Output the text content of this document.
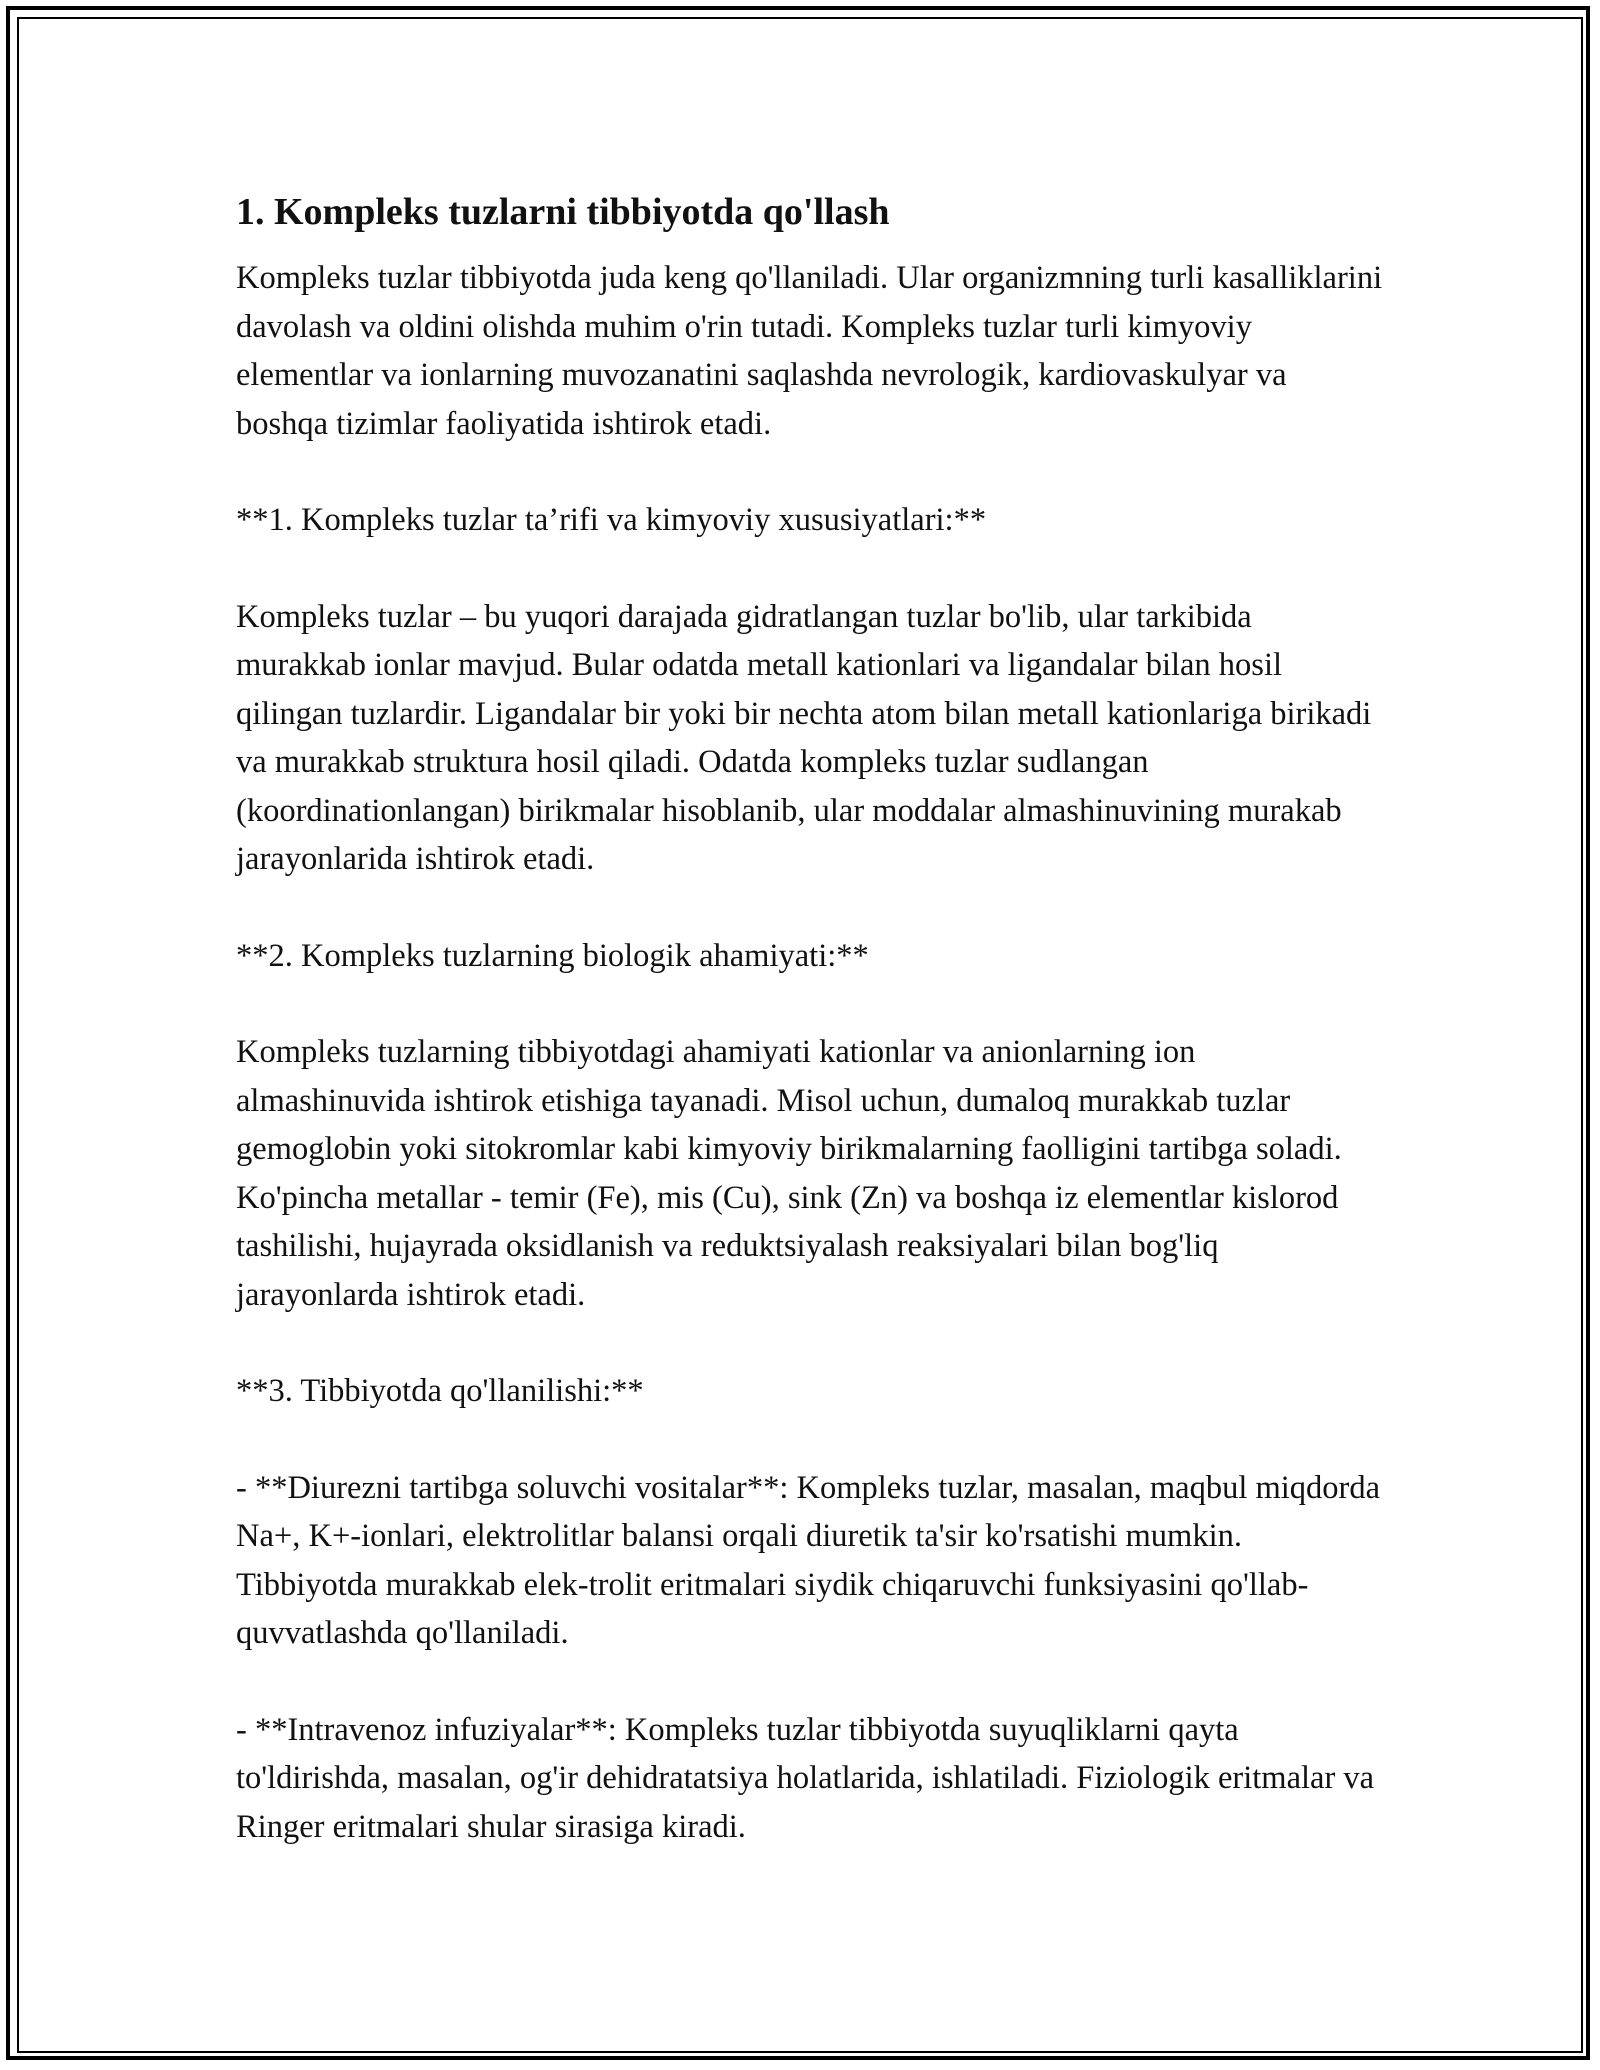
1. Kompleks tuzlarni tibbiyotda qo'llash

Kompleks tuzlar tibbiyotda juda keng qo'llaniladi. Ular organizmning turli kasalliklarini davolash va oldini olishda muhim o'rin tutadi. Kompleks tuzlar turli kimyoviy elementlar va ionlarning muvozanatini saqlashda nevrologik, kardiovaskulyar va boshqa tizimlar faoliyatida ishtirok etadi.

**1. Kompleks tuzlar ta’rifi va kimyoviy xususiyatlari:**

Kompleks tuzlar – bu yuqori darajada gidratlangan tuzlar bo'lib, ular tarkibida murakkab ionlar mavjud. Bular odatda metall kationlari va ligandalar bilan hosil qilingan tuzlardir. Ligandalar bir yoki bir nechta atom bilan metall kationlariga birikadi va murakkab struktura hosil qiladi. Odatda kompleks tuzlar sudlangan (koordinationlangan) birikmalar hisoblanib, ular moddalar almashinuvining murakab jarayonlarida ishtirok etadi.

**2. Kompleks tuzlarning biologik ahamiyati:**

Kompleks tuzlarning tibbiyotdagi ahamiyati kationlar va anionlarning ion almashinuvida ishtirok etishiga tayanadi. Misol uchun, dumaloq murakkab tuzlar gemoglobin yoki sitokromlar kabi kimyoviy birikmalarning faolligini tartibga soladi. Ko'pincha metallar - temir (Fe), mis (Cu), sink (Zn) va boshqa iz elementlar kislorod tashilishi, hujayrada oksidlanish va reduktsiyalash reaksiyalari bilan bog'liq jarayonlarda ishtirok etadi.

**3. Tibbiyotda qo'llanilishi:**

- **Diurezni tartibga soluvchi vositalar**: Kompleks tuzlar, masalan, maqbul miqdorda Na+, K+-ionlari, elektrolitlar balansi orqali diuretik ta'sir ko'rsatishi mumkin. Tibbiyotda murakkab elek-trolit eritmalari siydik chiqaruvchi funksiyasini qo'llab-quvvatlashda qo'llaniladi.

- **Intravenoz infuziyalar**: Kompleks tuzlar tibbiyotda suyuqliklarni qayta to'ldirishda, masalan, og'ir dehidratatsiya holatlarida, ishlatiladi. Fiziologik eritmalar va Ringer eritmalari shular sirasiga kiradi.
